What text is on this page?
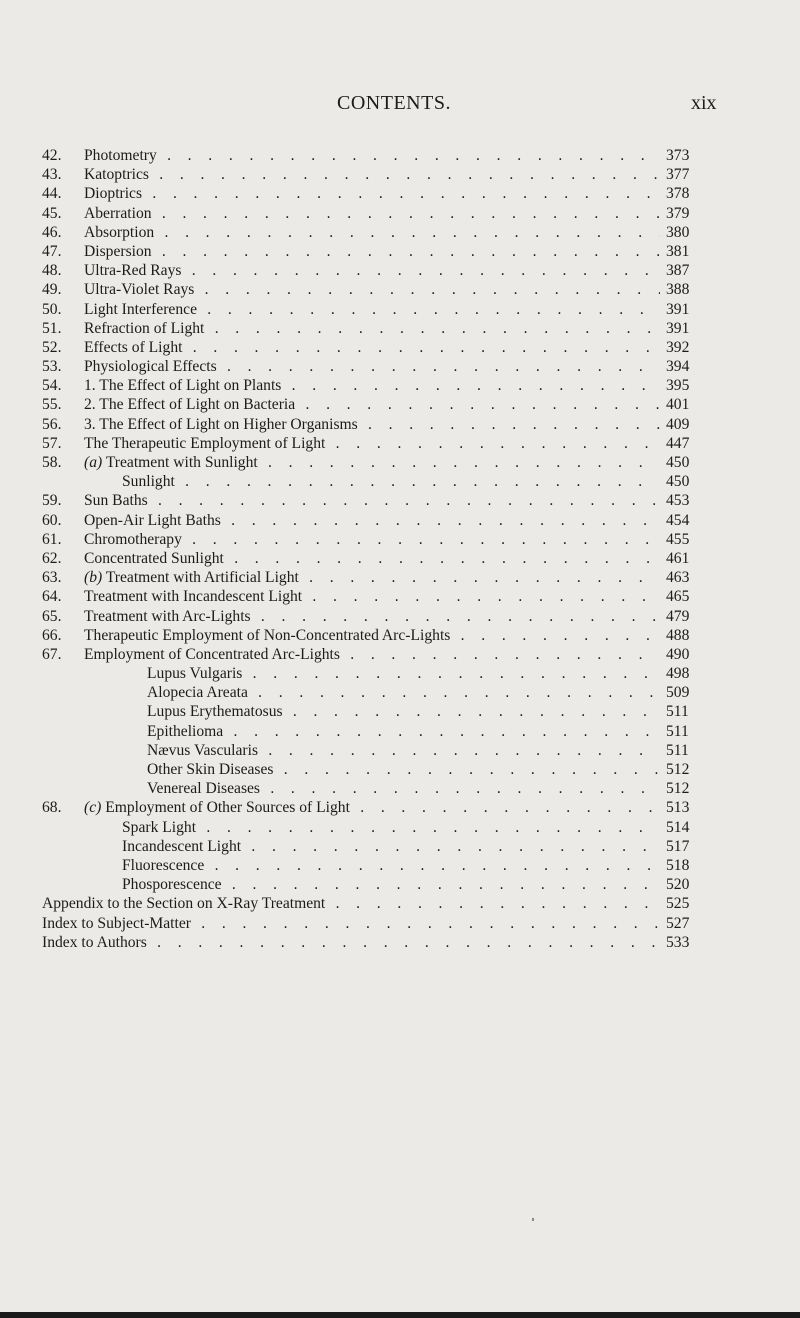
CONTENTS.	xix
42. Photometry . . .	373
43. Katoptrics . . .	377
44. Dioptrics . . .	378
45. Aberration . . .	379
46. Absorption . . .	380
47. Dispersion . . .	381
48. Ultra-Red Rays . . .	387
49. Ultra-Violet Rays . . .	388
50. Light Interference . . .	391
51. Refraction of Light . . .	391
52. Effects of Light . . .	392
53. Physiological Effects . . .	394
54. 1. The Effect of Light on Plants . . .	395
55. 2. The Effect of Light on Bacteria . . .	401
56. 3. The Effect of Light on Higher Organisms . . .	409
57. The Therapeutic Employment of Light . . .	447
58. (a) Treatment with Sunlight . . .	450
Sunlight . . .	450
59. Sun Baths . . .	453
60. Open-Air Light Baths . . .	454
61. Chromotherapy . . .	455
62. Concentrated Sunlight . . .	461
63. (b) Treatment with Artificial Light . . .	463
64. Treatment with Incandescent Light . . .	465
65. Treatment with Arc-Lights . . .	479
66. Therapeutic Employment of Non-Concentrated Arc-Lights . . .	488
67. Employment of Concentrated Arc-Lights . . .	490
Lupus Vulgaris . . .	498
Alopecia Areata . . .	509
Lupus Erythematosus . . .	511
Epithelioma . . .	511
Nævus Vascularis . . .	511
Other Skin Diseases . . .	512
Venereal Diseases . . .	512
68. (c) Employment of Other Sources of Light . . .	513
Spark Light . . .	514
Incandescent Light . . .	517
Fluorescence . . .	518
Phosporescence . . .	520
Appendix to the Section on X-Ray Treatment . . .	525
Index to Subject-Matter . . .	527
Index to Authors . . .	533
